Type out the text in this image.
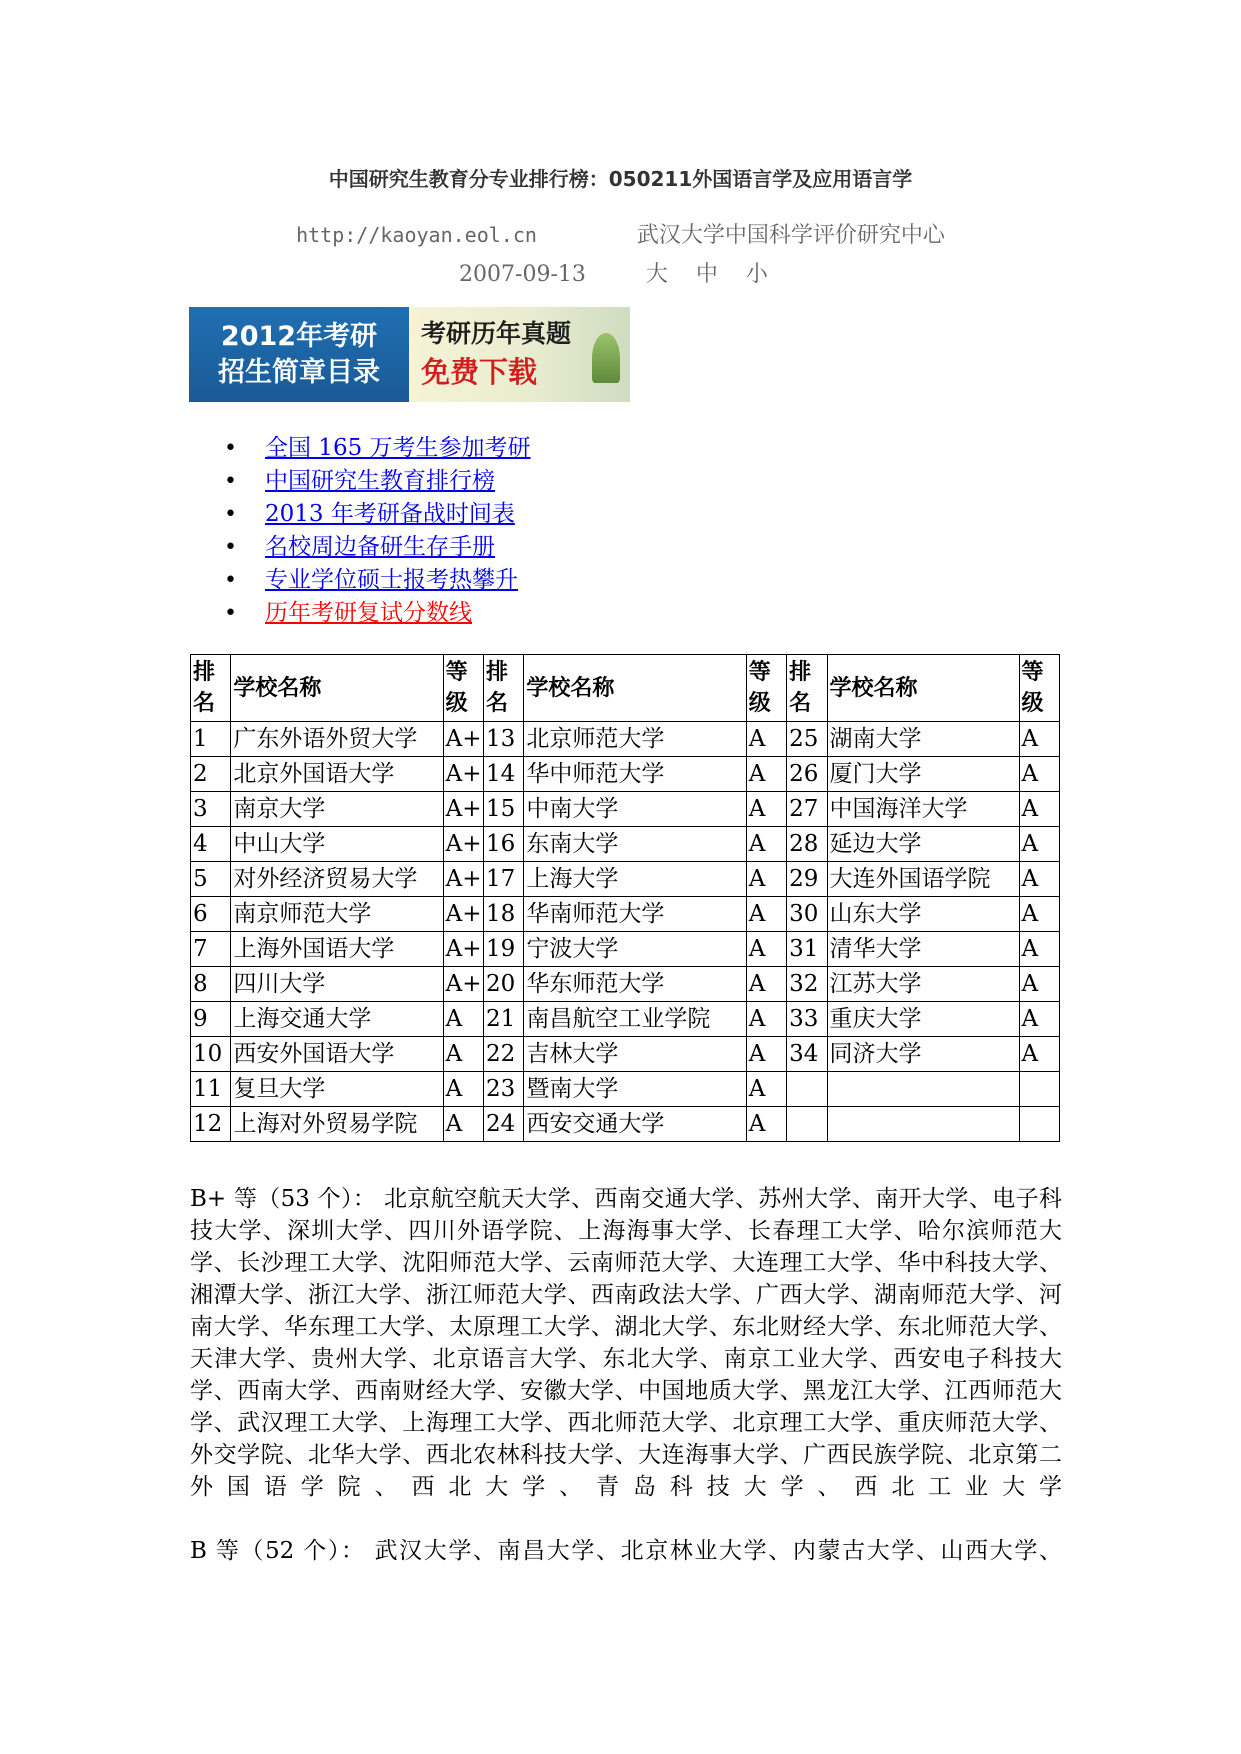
中国研究生教育分专业排行榜：050211外国语言学及应用语言学
http://kaoyan.eol.cn	武汉大学中国科学评价研究中心
2007-09-13	大 中 小
2012年考研
招生简章目录
考研历年真题
免费下载
• 全国 165 万考生参加考研
• 中国研究生教育排行榜
• 2013 年考研备战时间表
• 名校周边备研生存手册
• 专业学位硕士报考热攀升
• 历年考研复试分数线
排名	学校名称	等级	排名	学校名称	等级	排名	学校名称	等级
1	广东外语外贸大学	A+	13	北京师范大学	A	25	湖南大学	A
2	北京外国语大学	A+	14	华中师范大学	A	26	厦门大学	A
3	南京大学	A+	15	中南大学	A	27	中国海洋大学	A
4	中山大学	A+	16	东南大学	A	28	延边大学	A
5	对外经济贸易大学	A+	17	上海大学	A	29	大连外国语学院	A
6	南京师范大学	A+	18	华南师范大学	A	30	山东大学	A
7	上海外国语大学	A+	19	宁波大学	A	31	清华大学	A
8	四川大学	A+	20	华东师范大学	A	32	江苏大学	A
9	上海交通大学	A	21	南昌航空工业学院	A	33	重庆大学	A
10	西安外国语大学	A	22	吉林大学	A	34	同济大学	A
11	复旦大学	A	23	暨南大学	A			
12	上海对外贸易学院	A	24	西安交通大学	A			
B+ 等（53 个）： 北京航空航天大学、西南交通大学、苏州大学、南开大学、电子科技大学、深圳大学、四川外语学院、上海海事大学、长春理工大学、哈尔滨师范大学、长沙理工大学、沈阳师范大学、云南师范大学、大连理工大学、华中科技大学、湘潭大学、浙江大学、浙江师范大学、西南政法大学、广西大学、湖南师范大学、河南大学、华东理工大学、太原理工大学、湖北大学、东北财经大学、东北师范大学、天津大学、贵州大学、北京语言大学、东北大学、南京工业大学、西安电子科技大学、西南大学、西南财经大学、安徽大学、中国地质大学、黑龙江大学、江西师范大学、武汉理工大学、上海理工大学、西北师范大学、北京理工大学、重庆师范大学、外交学院、北华大学、西北农林科技大学、大连海事大学、广西民族学院、北京第二外国语学院、西北大学、青岛科技大学、西北工业大学
B 等（52 个）： 武汉大学、南昌大学、北京林业大学、内蒙古大学、山西大学、
